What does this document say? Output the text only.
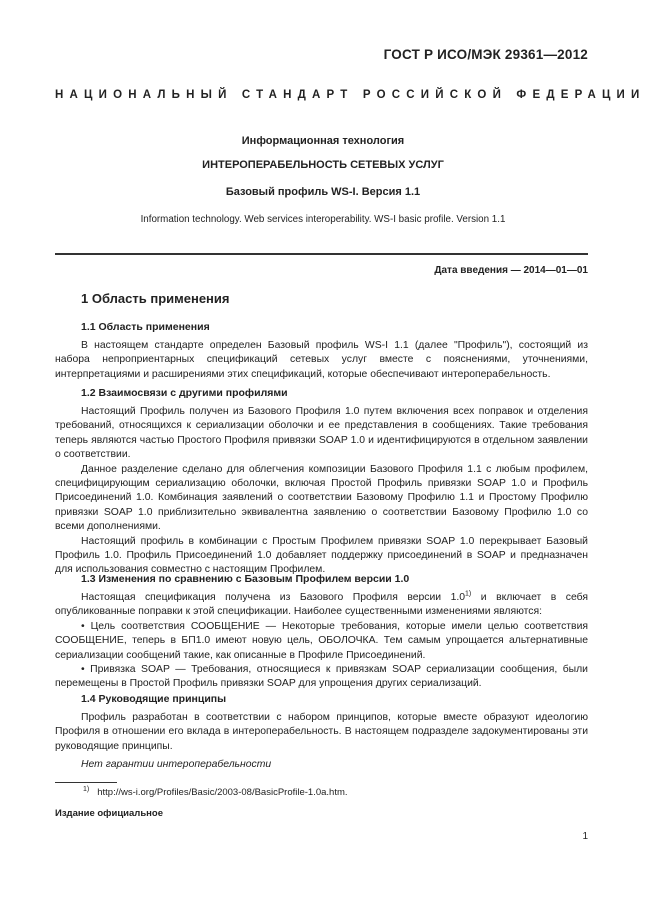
ГОСТ Р ИСО/МЭК 29361—2012
НАЦИОНАЛЬНЫЙ СТАНДАРТ РОССИЙСКОЙ ФЕДЕРАЦИИ
Информационная технология
ИНТЕРОПЕРАБЕЛЬНОСТЬ СЕТЕВЫХ УСЛУГ
Базовый профиль WS-I. Версия 1.1
Information technology. Web services interoperability. WS-I basic profile. Version 1.1
Дата введения — 2014—01—01
1 Область применения
1.1 Область применения

В настоящем стандарте определен Базовый профиль WS-I 1.1 (далее "Профиль"), состоящий из набора непроприентарных спецификаций сетевых услуг вместе с пояснениями, уточнениями, интерпретациями и расширениями этих спецификаций, которые обеспечивают интероперабельность.

1.2 Взаимосвязи с другими профилями

Настоящий Профиль получен из Базового Профиля 1.0 путем включения всех поправок и отделения требований, относящихся к сериализации оболочки и ее представления в сообщениях. Такие требования теперь являются частью Простого Профиля привязки SOAP 1.0 и идентифицируются в отдельном заявлении о соответствии.

Данное разделение сделано для облегчения композиции Базового Профиля 1.1 с любым профилем, специфицирующим сериализацию оболочки, включая Простой Профиль привязки SOAP 1.0 и Профиль Присоединений 1.0. Комбинация заявлений о соответствии Базовому Профилю 1.1 и Простому Профилю привязки SOAP 1.0 приблизительно эквивалентна заявлению о соответствии Базовому Профилю 1.0 со всеми дополнениями.

Настоящий профиль в комбинации с Простым Профилем привязки SOAP 1.0 перекрывает Базовый Профиль 1.0. Профиль Присоединений 1.0 добавляет поддержку присоединений в SOAP и предназначен для использования совместно с настоящим Профилем.

1.3 Изменения по сравнению с Базовым Профилем версии 1.0

Настоящая спецификация получена из Базового Профиля версии 1.0$^{1)}$ и включает в себя опубликованные поправки к этой спецификации. Наиболее существенными изменениями являются:

• Цель соответствия СООБЩЕНИЕ — Некоторые требования, которые имели целью соответствия СООБЩЕНИЕ, теперь в БП1.0 имеют новую цель, ОБОЛОЧКА. Тем самым упрощается альтернативные сериализации сообщений такие, как описанные в Профиле Присоединений.

• Привязка SOAP — Требования, относящиеся к привязкам SOAP сериализации сообщения, были перемещены в Простой Профиль привязки SOAP для упрощения других сериализаций.

1.4 Руководящие принципы

Профиль разработан в соответствии с набором принципов, которые вместе образуют идеологию Профиля в отношении его вклада в интероперабельность. В настоящем подразделе задокументированы эти руководящие принципы.

Нет гарантии интероперабельности
$^{1)}$ http://ws-i.org/Profiles/Basic/2003-08/BasicProfile-1.0a.htm.
Издание официальное
1
